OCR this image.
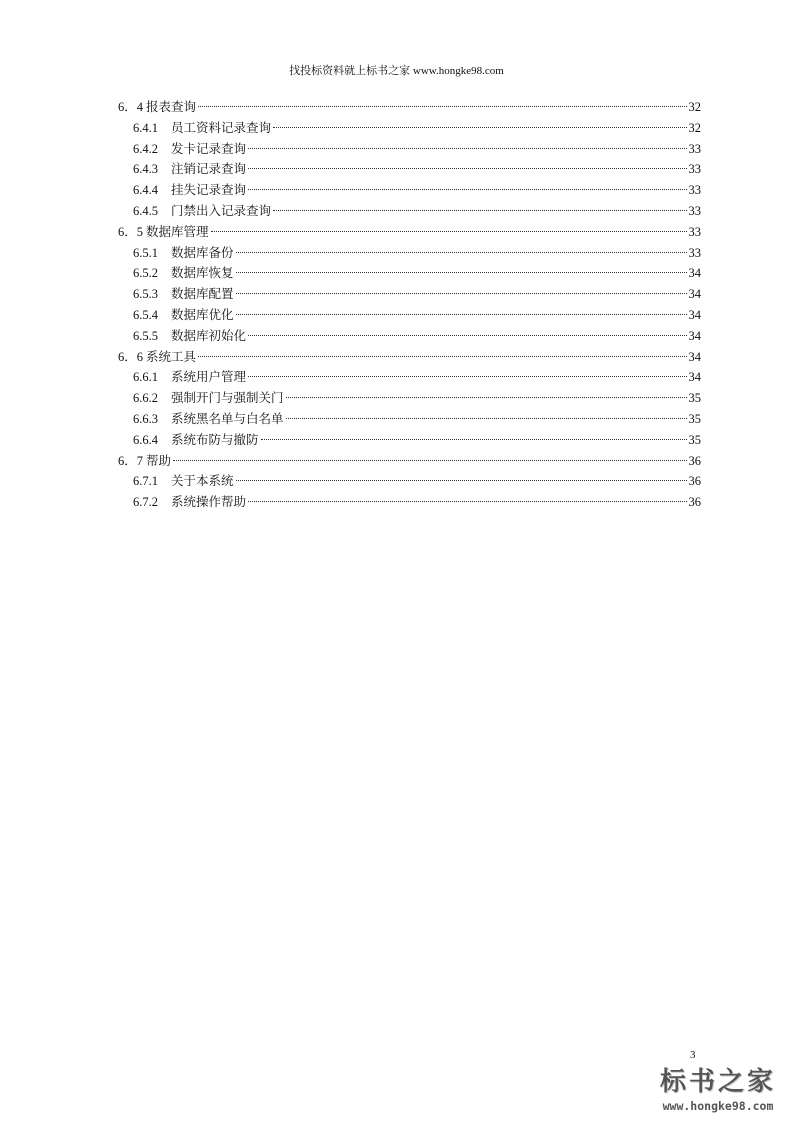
找投标资料就上标书之家 www.hongke98.com
6．4 报表查询	32
6.4.1	员工资料记录查询	32
6.4.2	发卡记录查询	33
6.4.3	注销记录查询	33
6.4.4	挂失记录查询	33
6.4.5	门禁出入记录查询	33
6．5 数据库管理	33
6.5.1	数据库备份	33
6.5.2	数据库恢复	34
6.5.3	数据库配置	34
6.5.4	数据库优化	34
6.5.5	数据库初始化	34
6．6 系统工具	34
6.6.1	系统用户管理	34
6.6.2	强制开门与强制关门	35
6.6.3	系统黑名单与白名单	35
6.6.4	系统布防与撤防	35
6．7 帮助	36
6.7.1	关于本系统	36
6.7.2	系统操作帮助	36
3
标书之家
www.hongke98.com
